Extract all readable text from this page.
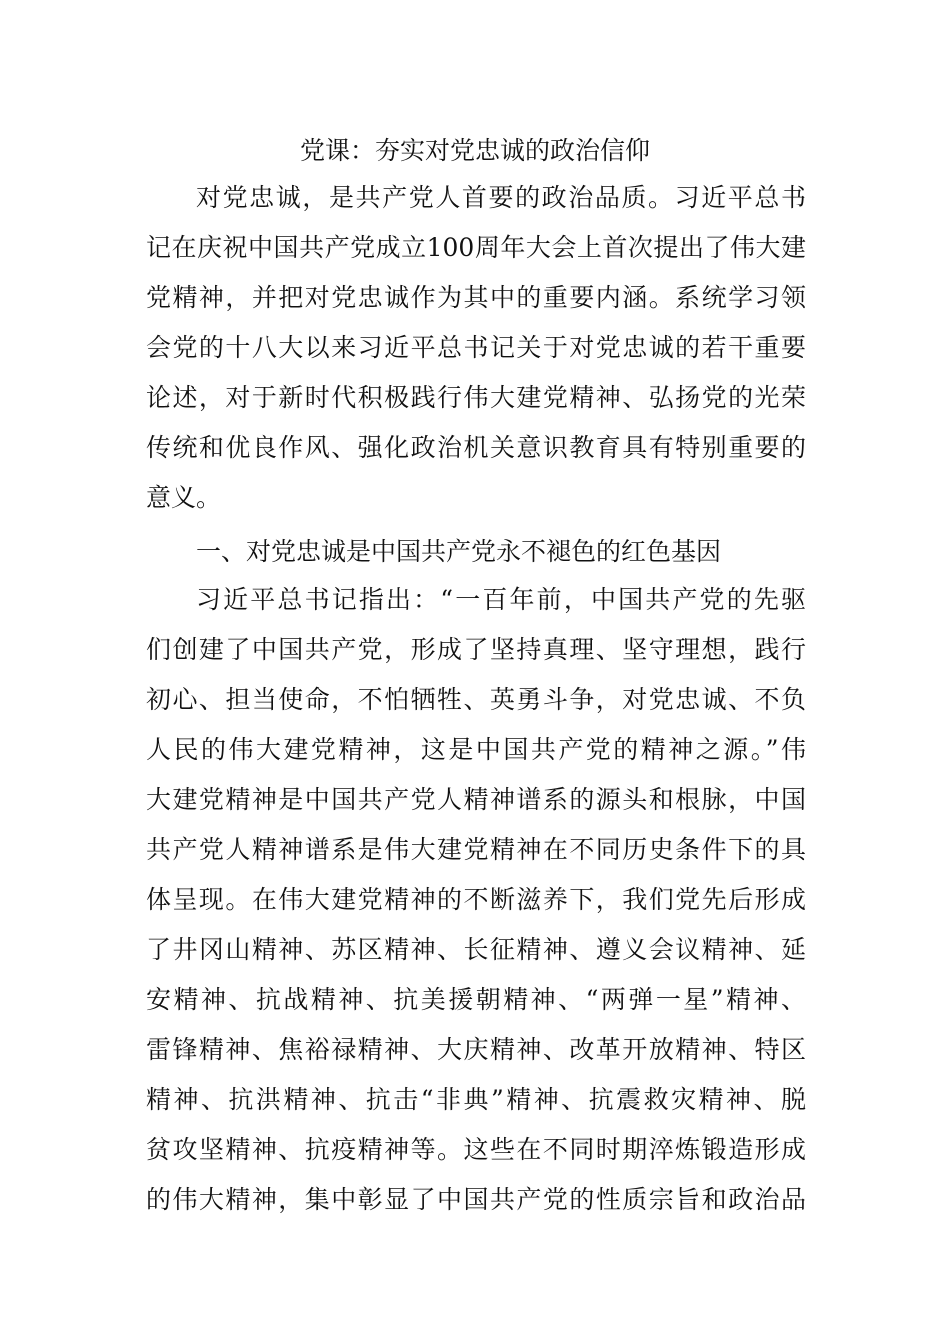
党课：夯实对党忠诚的政治信仰
对党忠诚，是共产党人首要的政治品质。习近平总书
记在庆祝中国共产党成立100周年大会上首次提出了伟大建
党精神，并把对党忠诚作为其中的重要内涵。系统学习领
会党的十八大以来习近平总书记关于对党忠诚的若干重要
论述，对于新时代积极践行伟大建党精神、弘扬党的光荣
传统和优良作风、强化政治机关意识教育具有特别重要的
意义。
一、对党忠诚是中国共产党永不褪色的红色基因
习近平总书记指出：“一百年前，中国共产党的先驱
们创建了中国共产党，形成了坚持真理、坚守理想，践行
初心、担当使命，不怕牺牲、英勇斗争，对党忠诚、不负
人民的伟大建党精神，这是中国共产党的精神之源。”伟
大建党精神是中国共产党人精神谱系的源头和根脉，中国
共产党人精神谱系是伟大建党精神在不同历史条件下的具
体呈现。在伟大建党精神的不断滋养下，我们党先后形成
了井冈山精神、苏区精神、长征精神、遵义会议精神、延
安精神、抗战精神、抗美援朝精神、“两弹一星”精神、
雷锋精神、焦裕禄精神、大庆精神、改革开放精神、特区
精神、抗洪精神、抗击“非典”精神、抗震救灾精神、脱
贫攻坚精神、抗疫精神等。这些在不同时期淬炼锻造形成
的伟大精神，集中彰显了中国共产党的性质宗旨和政治品
